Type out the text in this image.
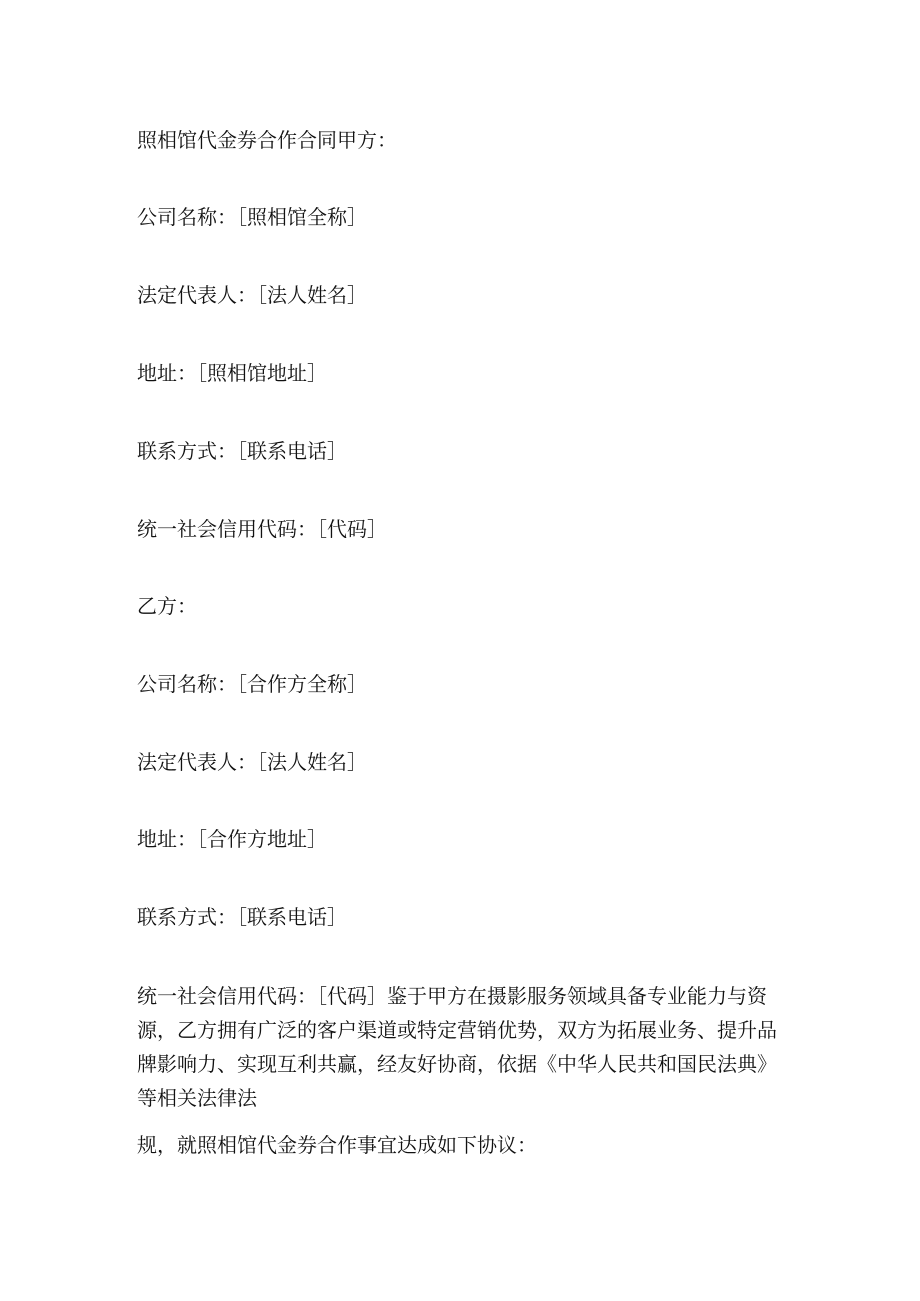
照相馆代金券合作合同甲方：
公司名称：［照相馆全称］
法定代表人：［法人姓名］
地址：［照相馆地址］
联系方式：［联系电话］
统一社会信用代码：［代码］
乙方：
公司名称：［合作方全称］
法定代表人：［法人姓名］
地址：［合作方地址］
联系方式：［联系电话］
统一社会信用代码：［代码］鉴于甲方在摄影服务领域具备专业能力与资源，乙方拥有广泛的客户渠道或特定营销优势，双方为拓展业务、提升品牌影响力、实现互利共赢，经友好协商，依据《中华人民共和国民法典》等相关法律法
规，就照相馆代金券合作事宜达成如下协议：
